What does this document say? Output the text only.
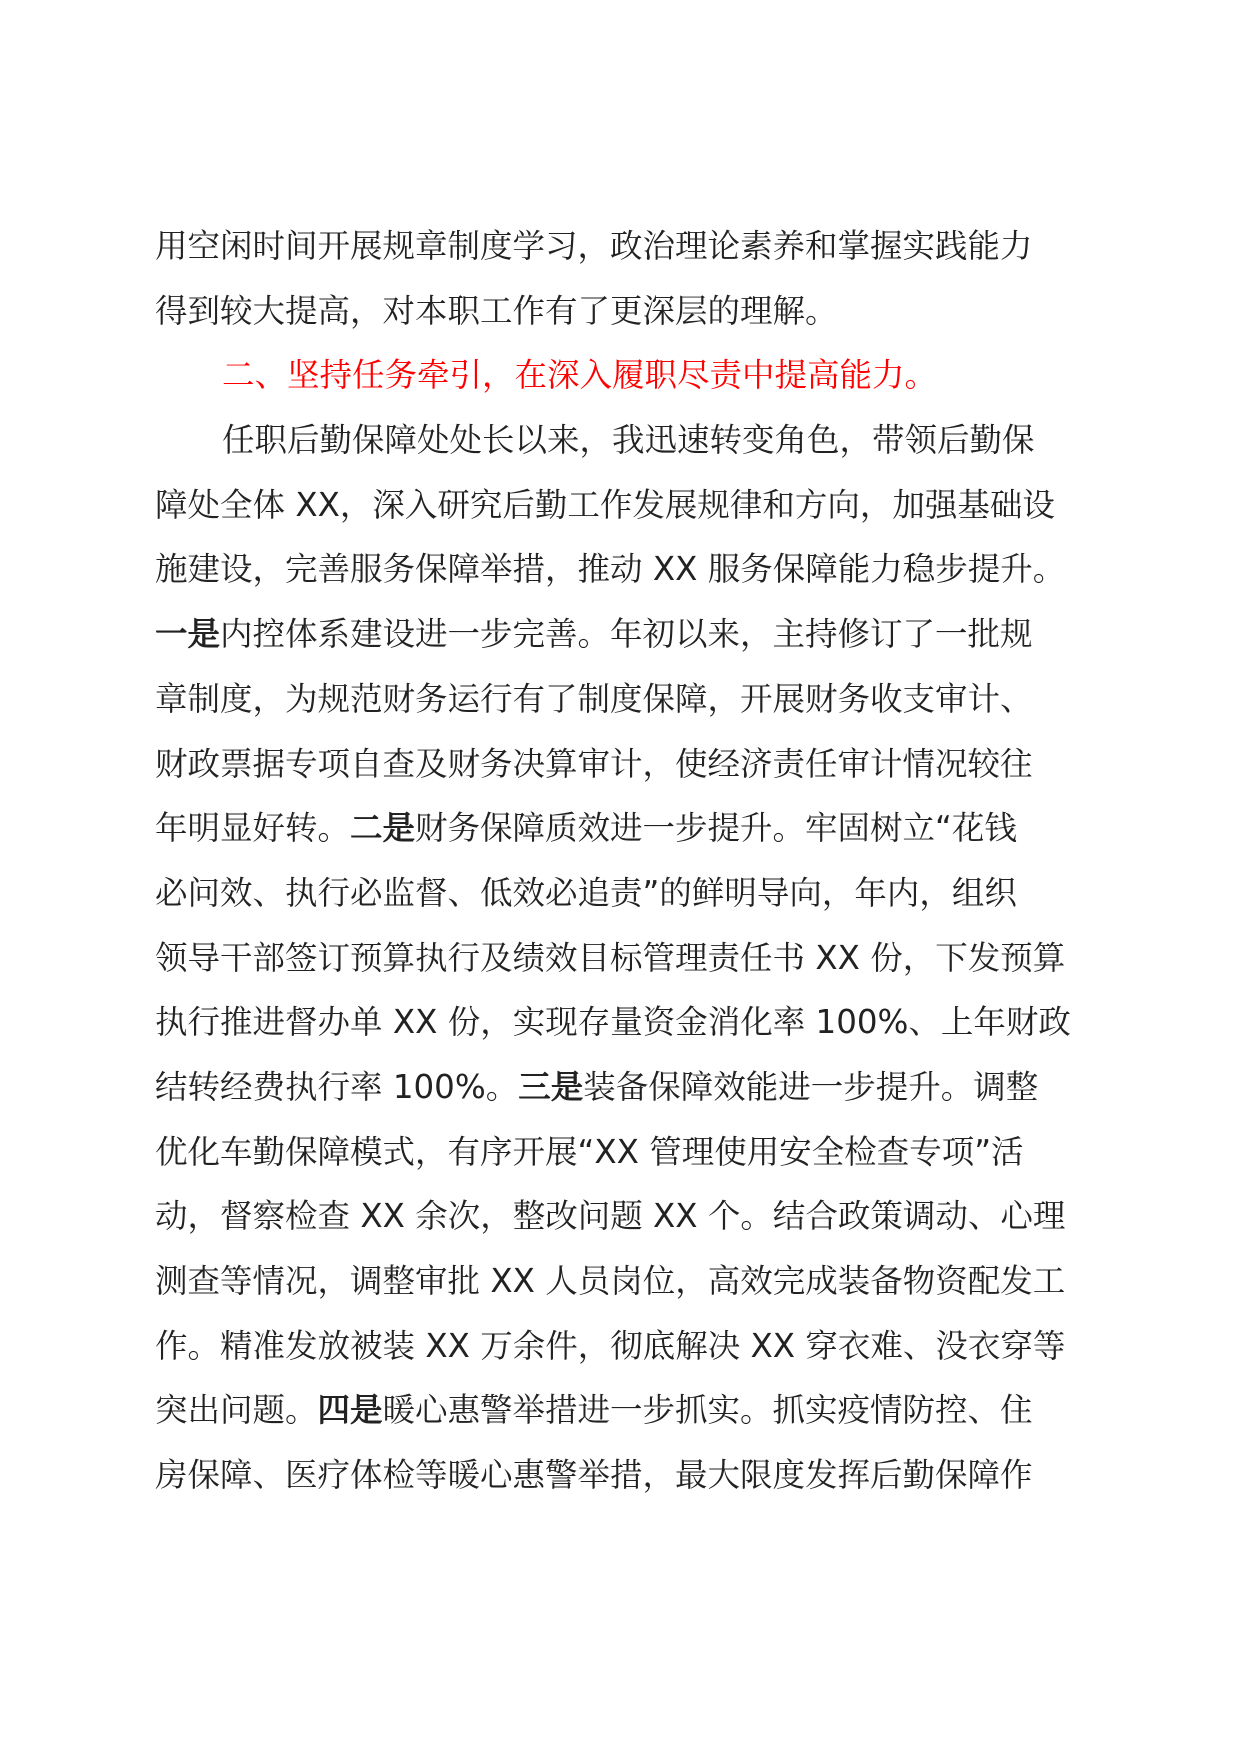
用空闲时间开展规章制度学习，政治理论素养和掌握实践能力
得到较大提高，对本职工作有了更深层的理解。
二、坚持任务牵引，在深入履职尽责中提高能力。
任职后勤保障处处长以来，我迅速转变角色，带领后勤保
障处全体 XX，深入研究后勤工作发展规律和方向，加强基础设
施建设，完善服务保障举措，推动 XX 服务保障能力稳步提升。
一是内控体系建设进一步完善。年初以来，主持修订了一批规
章制度，为规范财务运行有了制度保障，开展财务收支审计、
财政票据专项自查及财务决算审计，使经济责任审计情况较往
年明显好转。二是财务保障质效进一步提升。牢固树立“花钱
必问效、执行必监督、低效必追责”的鲜明导向，年内，组织
领导干部签订预算执行及绩效目标管理责任书 XX 份，下发预算
执行推进督办单 XX 份，实现存量资金消化率 100%、上年财政
结转经费执行率 100%。三是装备保障效能进一步提升。调整
优化车勤保障模式，有序开展“XX 管理使用安全检查专项”活
动，督察检查 XX 余次，整改问题 XX 个。结合政策调动、心理
测查等情况，调整审批 XX 人员岗位，高效完成装备物资配发工
作。精准发放被装 XX 万余件，彻底解决 XX 穿衣难、没衣穿等
突出问题。四是暖心惠警举措进一步抓实。抓实疫情防控、住
房保障、医疗体检等暖心惠警举措，最大限度发挥后勤保障作
